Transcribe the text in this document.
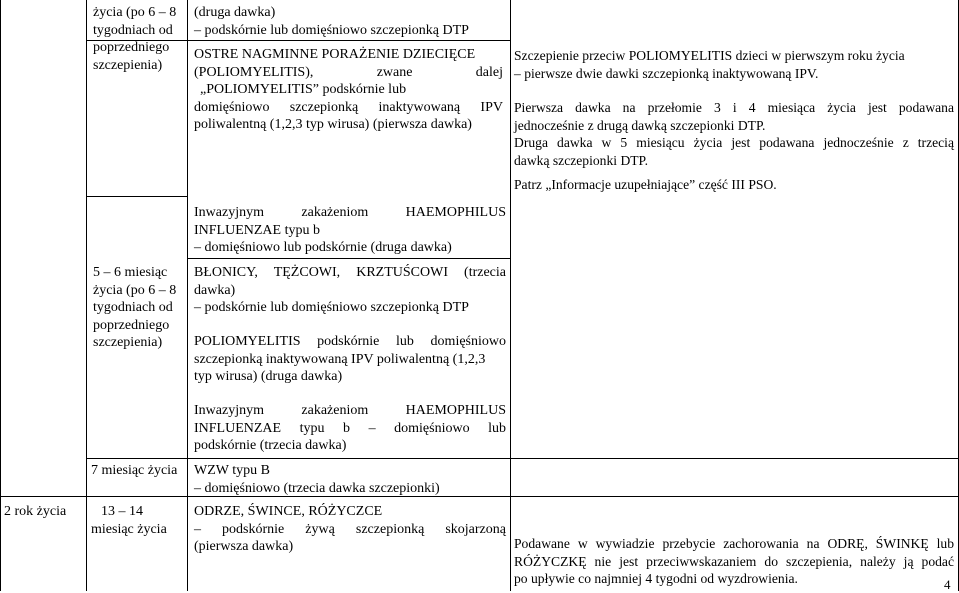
życia (po 6 – 8
tygodniach od
poprzedniego
szczepienia)
5 – 6 miesiąc
życia (po 6 – 8
tygodniach od
poprzedniego
szczepienia)
7 miesiąc życia
2 rok życia	13 – 14
miesiąc życia
(druga dawka)
– podskórnie lub domięśniowo szczepionką DTP
OSTRE NAGMINNE PORAŻENIE DZIECIĘCE
(POLIOMYELITIS), zwane dalej
„POLIOMYELITIS” podskórnie lub
domięśniowo szczepionką inaktywowaną IPV
poliwalentną (1,2,3 typ wirusa) (pierwsza dawka)
Inwazyjnym zakażeniom HAEMOPHILUS
INFLUENZAE typu b
– domięśniowo lub podskórnie (druga dawka)
BŁONICY, TĘŻCOWI, KRZTUŚCOWI (trzecia
dawka)
– podskórnie lub domięśniowo szczepionką DTP
POLIOMYELITIS podskórnie lub domięśniowo
szczepionką inaktywowaną IPV poliwalentną (1,2,3
typ wirusa) (druga dawka)
Inwazyjnym zakażeniom HAEMOPHILUS
INFLUENZAE typu b – domięśniowo lub
podskórnie (trzecia dawka)
WZW typu B
– domięśniowo (trzecia dawka szczepionki)
ODRZE, ŚWINCE, RÓŻYCZCE
– podskórnie żywą szczepionką skojarzoną
(pierwsza dawka)
Szczepienie przeciw POLIOMYELITIS dzieci w pierwszym roku życia
– pierwsze dwie dawki szczepionką inaktywowaną IPV.
Pierwsza dawka na przełomie 3 i 4 miesiąca życia jest podawana
jednocześnie z drugą dawką szczepionki DTP.
Druga dawka w 5 miesiącu życia jest podawana jednocześnie z trzecią
dawką szczepionki DTP.
Patrz „Informacje uzupełniające” część III PSO.
Podawane w wywiadzie przebycie zachorowania na ODRĘ, ŚWINKĘ lub
RÓŻYCZKĘ nie jest przeciwwskazaniem do szczepienia, należy ją podać
po upływie co najmniej 4 tygodni od wyzdrowienia.	4
